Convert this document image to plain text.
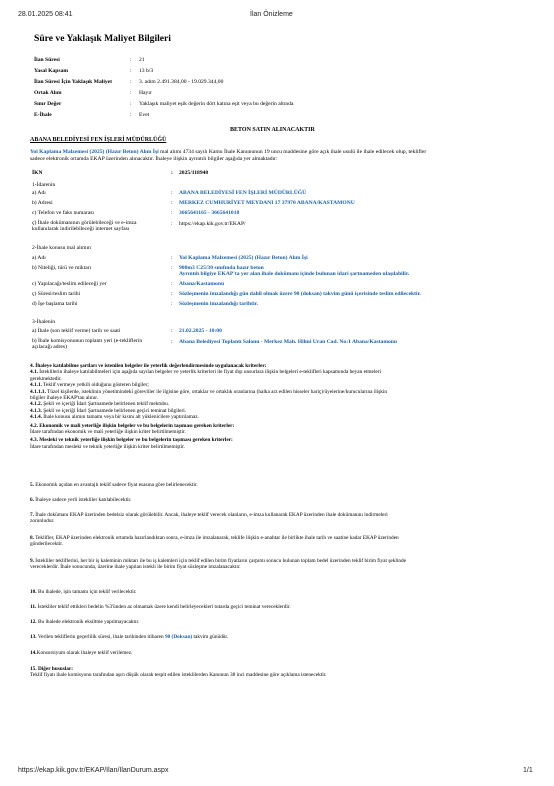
28.01.2025 08:41	İlan Önizleme
Süre ve Yaklaşık Maliyet Bilgileri
İlan Süresi	: 21
Yasal Kapsam	: 13 b/3
İlan Süresi İçin Yaklaşık Maliyet	: 3. adım 2.491.384,00 - 19.029.344,00
Ortak Alım	: Hayır
Sınır Değer	: Yaklaşık maliyet eşik değerin dört katına eşit veya bu değerin altında
E-İhale	: Evet
BETON SATIN ALINACAKTIR
ABANA BELEDİYESİ FEN İŞLERİ MÜDÜRLÜĞÜ
Yol Kaplama Malzemesi (2025) (Hazır Beton) Alım İşi mal alımı 4734 sayılı Kamu İhale Kanununun 19 uncu maddesine göre açık ihale usulü ile ihale edilecek olup, teklifler
sadece elektronik ortamda EKAP üzerinden alınacaktır. İhaleye ilişkin ayrıntılı bilgiler aşağıda yer almaktadır:
İKN	: 2025/118948
1-İdarenin
a) Adı	: ABANA BELEDİYESİ FEN İŞLERİ MÜDÜRLÜĞÜ
b) Adresi	: MERKEZ CUMHURİYET MEYDANI 17 37970 ABANA/KASTAMONU
c) Telefon ve faks numarası	: 3665641165 - 3665641018
ç) İhale dokümanının görülebileceği ve e-imza
kullanılarak indirilebileceği internet sayfası
: https://ekap.kik.gov.tr/EKAP/
2-İhale konusu mal alımın
a) Adı	: Yol Kaplama Malzemesi (2025) (Hazır Beton) Alım İşi
b) Niteliği, türü ve miktarı	: 900m3 C25/30 sınıfında hazır beton
Ayrıntılı bilgiye EKAP'ta yer alan ihale dokümanı içinde bulunan idari şartnameden ulaşılabilir.
c) Yapılacağı/teslim edileceği yer	: Abana/Kastamonu
ç) Süresi/teslim tarihi	: Sözleşmenin imzalandığı gün dahil olmak üzere 90 (doksan) takvim günü içerisinde teslim edilecektir.
d) İşe başlama tarihi	: Sözleşmenin imzalandığı tarihtir.
3-İhalenin
a) İhale (son teklif verme) tarih ve saati	: 21.02.2025 - 10:00
b) İhale komisyonunun toplantı yeri (e-tekliflerin
açılacağı adres)
: Abana Belediyesi Toplantı Salonu - Merkez Mah. Hilmi Uran Cad. No:1 Abana/Kastamonu
4. İhaleye katılabilme şartları ve istenilen belgeler ile yeterlik değerlendirmesinde uygulanacak kriterler:
4.1. İsteklilerin ihaleye katılabilmeleri için aşağıda sayılan belgeler ve yeterlik kriterleri ile fiyat dışı unsurlara ilişkin belgeleri e-teklifleri kapsamında beyan etmeleri
gerekmektedir.
4.1.1. Teklif vermeye yetkili olduğunu gösteren bilgiler;
4.1.1.1. Tüzel kişilerde, isteklinin yönetimindeki görevliler ile ilgisine göre, ortaklar ve ortaklık oranlarına (halka arz edilen hisseler hariç)/üyelerine/kurucularına ilişkin
bilgiler ihaleye EKAP'tan alınır.
4.1.2. Şekli ve içeriği İdari Şartnamede belirlenen teklif mektubu.
4.1.3. Şekli ve içeriği İdari Şartnamede belirlenen geçici teminat bilgileri.
4.1.4. İhale konusu alımın tamamı veya bir kısmı alt yüklenicilere yaptırılamaz.
4.2. Ekonomik ve mali yeterliğe ilişkin belgeler ve bu belgelerin taşıması gereken kriterler:
İdare tarafından ekonomik ve mali yeterliğe ilişkin kriter belirtilmemiştir.
4.3. Mesleki ve teknik yeterliğe ilişkin belgeler ve bu belgelerin taşıması gereken kriterler:
İdare tarafından mesleki ve teknik yeterliğe ilişkin kriter belirtilmemiştir.
5. Ekonomik açıdan en avantajlı teklif sadece fiyat esasına göre belirlenecektir.
6. İhaleye sadece yerli istekliler katılabilecektir.
7. İhale dokümanı EKAP üzerinden bedelsiz olarak görülebilir. Ancak, ihaleye teklif verecek olanların, e-imza kullanarak EKAP üzerinden ihale dokümanını indirmeleri
zorunludur.
8. Teklifler, EKAP üzerinden elektronik ortamda hazırlandıktan sonra, e-imza ile imzalanarak, teklife ilişkin e-anahtar ile birlikte ihale tarih ve saatine kadar EKAP üzerinden
gönderilecektir.
9. İstekliler tekliflerini, her bir iş kaleminin miktarı ile bu iş kalemleri için teklif edilen birim fiyatların çarpımı sonucu bulunan toplam bedel üzerinden teklif birim fiyat şeklinde
vereceklerdir. İhale sonucunda, üzerine ihale yapılan istekli ile birim fiyat sözleşme imzalanacaktır.
10. Bu ihalede, işin tamamı için teklif verilecektir.
11. İstekliler teklif ettikleri bedelin %3'ünden az olmamak üzere kendi belirleyecekleri tutarda geçici teminat vereceklerdir.
12. Bu ihalede elektronik eksiltme yapılmayacaktır.
13. Verilen tekliflerin geçerlilik süresi, ihale tarihinden itibaren 90 (Doksan) takvim günüdür.
14.Konsorsiyum olarak ihaleye teklif verilemez.
15. Diğer hususlar:
Teklif fiyatı ihale komisyonu tarafından aşırı düşük olarak tespit edilen isteklilerden Kanunun 38 inci maddesine göre açıklama istenecektir.
https://ekap.kik.gov.tr/EKAP/Ilan/IlanDurum.aspx	1/1
